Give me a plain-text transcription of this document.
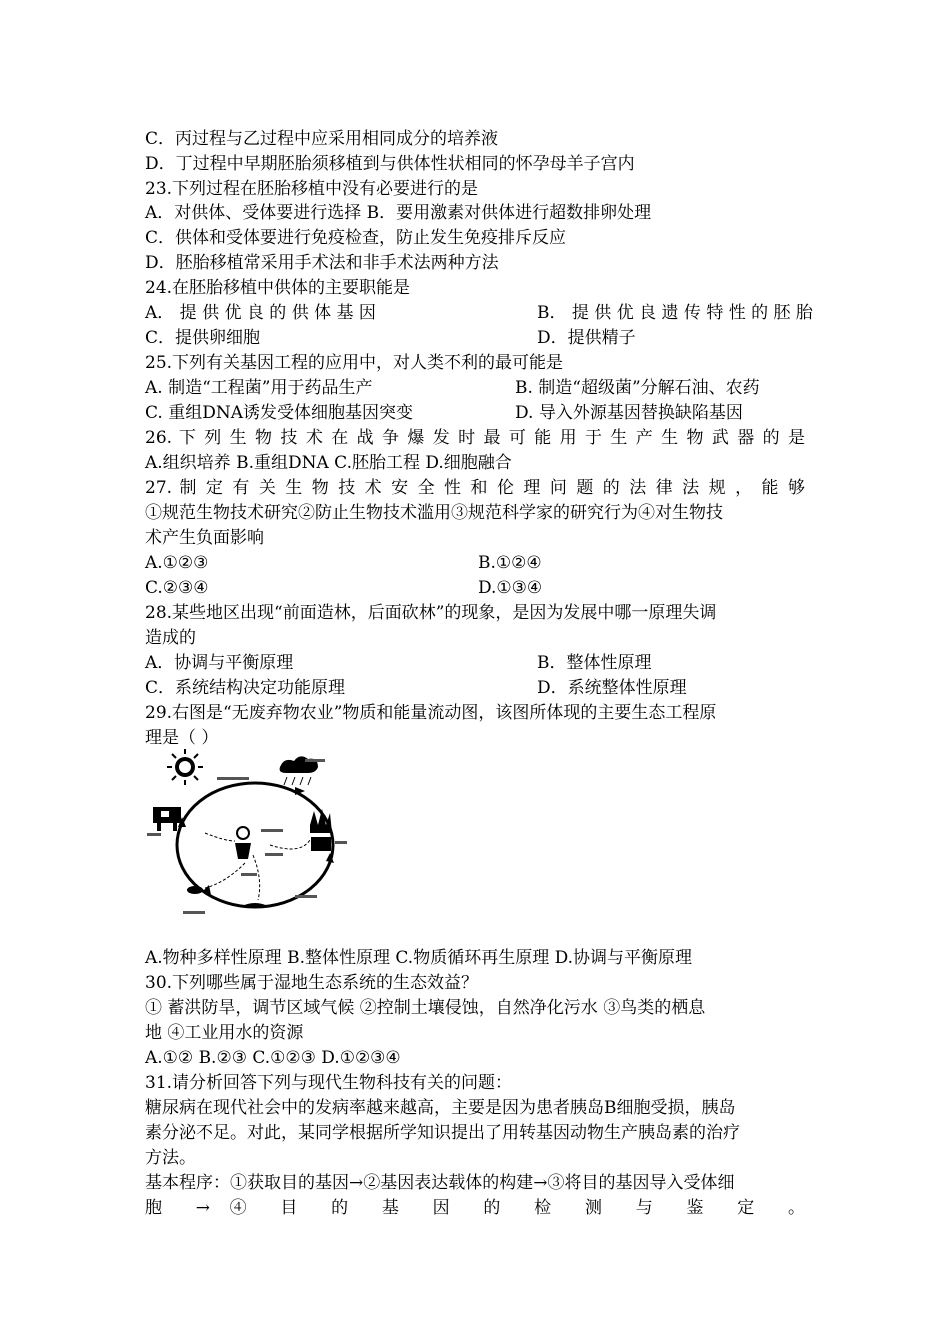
C．丙过程与乙过程中应采用相同成分的培养液
D．丁过程中早期胚胎须移植到与供体性状相同的怀孕母羊子宫内
23.下列过程在胚胎移植中没有必要进行的是
A．对供体、受体要进行选择 B．要用激素对供体进行超数排卵处理
C．供体和受体要进行免疫检查，防止发生免疫排斥反应
D．胚胎移植常采用手术法和非手术法两种方法
24.在胚胎移植中供体的主要职能是
A． 提 供 优 良 的 供 体 基 因	B． 提 供 优 良 遗 传 特 性 的 胚 胎
C．提供卵细胞	D．提供精子
25.下列有关基因工程的应用中，对人类不利的最可能是
A. 制造“工程菌”用于药品生产	B. 制造“超级菌”分解石油、农药
C. 重组DNA诱发受体细胞基因突变	D. 导入外源基因替换缺陷基因
26. 下 列 生 物 技 术 在 战 争 爆 发 时 最 可 能 用 于 生 产 生 物 武 器 的 是
A.组织培养 B.重组DNA C.胚胎工程 D.细胞融合
27. 制 定 有 关 生 物 技 术 安 全 性 和 伦 理 问 题 的 法 律 法 规 ， 能 够
①规范生物技术研究②防止生物技术滥用③规范科学家的研究行为④对生物技
术产生负面影响
A.①②③	B.①②④
C.②③④	D.①③④
28.某些地区出现“前面造林，后面砍林”的现象，是因为发展中哪一原理失调
造成的
A．协调与平衡原理	B．整体性原理
C．系统结构决定功能原理	D．系统整体性原理
29.右图是“无废弃物农业”物质和能量流动图，该图所体现的主要生态工程原
理是（ ）
A.物种多样性原理 B.整体性原理 C.物质循环再生原理 D.协调与平衡原理
30.下列哪些属于湿地生态系统的生态效益？
① 蓄洪防旱，调节区域气候 ②控制土壤侵蚀，自然净化污水 ③鸟类的栖息
地 ④工业用水的资源
A.①② B.②③ C.①②③ D.①②③④
31.请分析回答下列与现代生物科技有关的问题：
糖尿病在现代社会中的发病率越来越高，主要是因为患者胰岛B细胞受损，胰岛
素分泌不足。对此，某同学根据所学知识提出了用转基因动物生产胰岛素的治疗
方法。
基本程序：①获取目的基因→②基因表达载体的构建→③将目的基因导入受体细
胞 → ④ 目 的 基 因 的 检 测 与 鉴 定 。
